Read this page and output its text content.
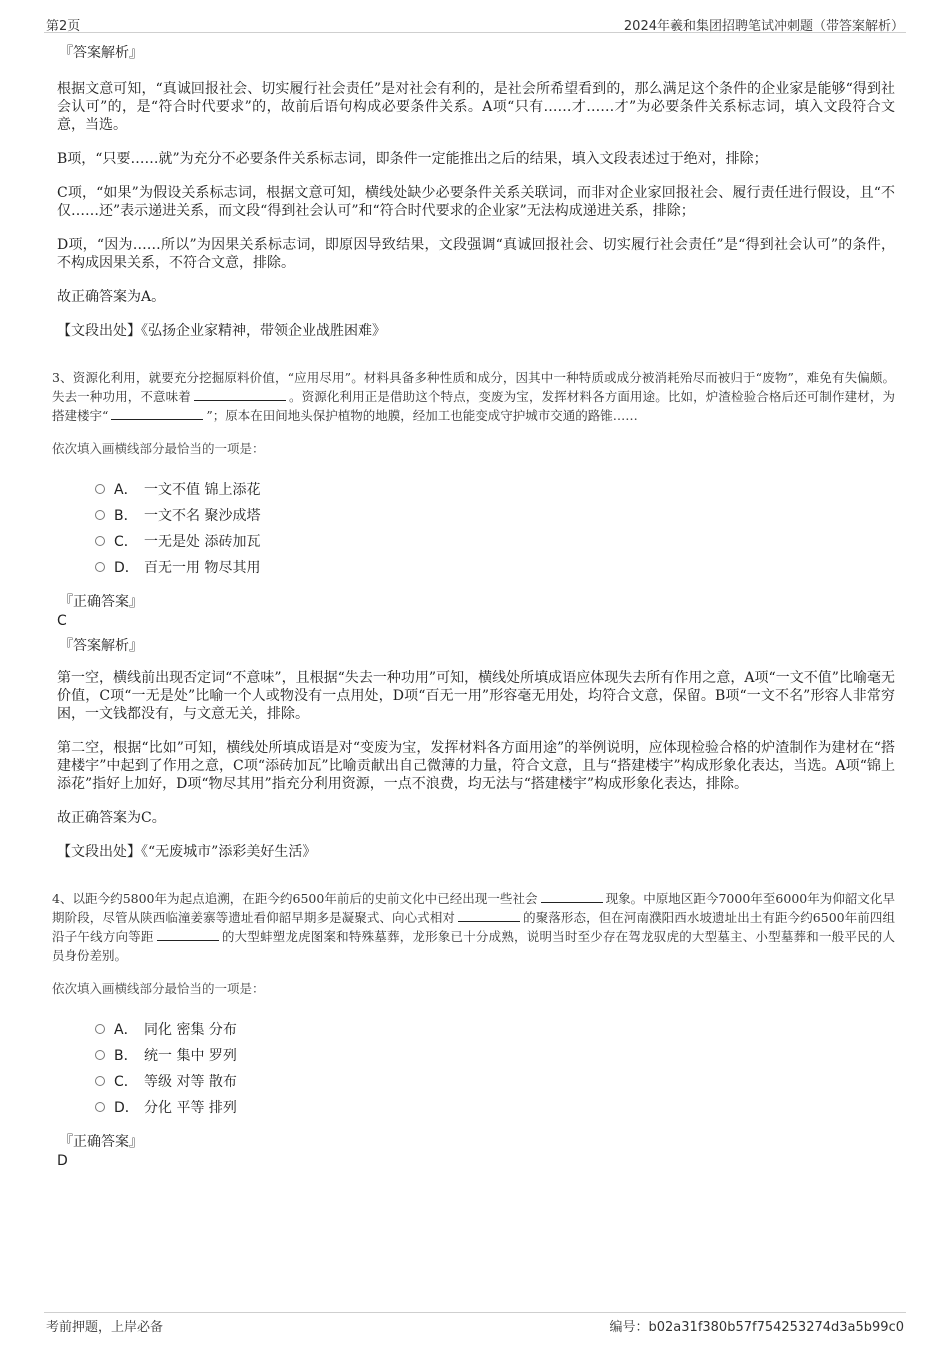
第2页	2024年羲和集团招聘笔试冲刺题（带答案解析）
『答案解析』

根据文意可知，“真诚回报社会、切实履行社会责任”是对社会有利的，是社会所希望看到的，那么满足这个条件的企业家是能够“得到社会认可”的，是“符合时代要求”的，故前后语句构成必要条件关系。A项“只有……才……才”为必要条件关系标志词，填入文段符合文意，当选。

B项，“只要……就”为充分不必要条件关系标志词，即条件一定能推出之后的结果，填入文段表述过于绝对，排除；

C项，“如果”为假设关系标志词，根据文意可知，横线处缺少必要条件关系关联词，而非对企业家回报社会、履行责任进行假设，且“不仅……还”表示递进关系，而文段“得到社会认可”和“符合时代要求的企业家”无法构成递进关系，排除；

D项，“因为……所以”为因果关系标志词，即原因导致结果，文段强调“真诚回报社会、切实履行社会责任”是“得到社会认可”的条件，不构成因果关系，不符合文意，排除。

故正确答案为A。

【文段出处】《弘扬企业家精神，带领企业战胜困难》

3、资源化利用，就要充分挖掘原料价值，“应用尽用”。材料具备多种性质和成分，因其中一种特质或成分被消耗殆尽而被归于“废物”，难免有失偏颇。失去一种功用，不意味着	。资源化利用正是借助这个特点，变废为宝，发挥材料各方面用途。比如，炉渣检验合格后还可制作建材，为搭建楼宇“	”；原本在田间地头保护植物的地膜，经加工也能变成守护城市交通的路锥……
依次填入画横线部分最恰当的一项是：
A． 一文不值 锦上添花
B． 一文不名 聚沙成塔
C． 一无是处 添砖加瓦
D． 百无一用 物尽其用
『正确答案』
C
『答案解析』

第一空，横线前出现否定词“不意味”，且根据“失去一种功用”可知，横线处所填成语应体现失去所有作用之意，A项“一文不值”比喻毫无价值，C项“一无是处”比喻一个人或物没有一点用处，D项“百无一用”形容毫无用处，均符合文意，保留。B项“一文不名”形容人非常穷困，一文钱都没有，与文意无关，排除。

第二空，根据“比如”可知，横线处所填成语是对“变废为宝，发挥材料各方面用途”的举例说明，应体现检验合格的炉渣制作为建材在“搭建楼宇”中起到了作用之意，C项“添砖加瓦”比喻贡献出自己微薄的力量，符合文意，且与“搭建楼宇”构成形象化表达，当选。A项“锦上添花”指好上加好，D项“物尽其用”指充分利用资源，一点不浪费，均无法与“搭建楼宇”构成形象化表达，排除。

故正确答案为C。

【文段出处】《“无废城市”添彩美好生活》

4、以距今约5800年为起点追溯，在距今约6500年前后的史前文化中已经出现一些社会	现象。中原地区距今7000年至6000年为仰韶文化早期阶段，尽管从陕西临潼姜寨等遗址看仰韶早期多是凝聚式、向心式相对	的聚落形态，但在河南濮阳西水坡遗址出土有距今约6500年前四组沿子午线方向等距	的大型蚌塑龙虎图案和特殊墓葬，龙形象已十分成熟，说明当时至少存在驾龙驭虎的大型墓主、小型墓葬和一般平民的人员身份差别。
依次填入画横线部分最恰当的一项是：
A． 同化 密集 分布
B． 统一 集中 罗列
C． 等级 对等 散布
D． 分化 平等 排列
『正确答案』
D
考前押题，上岸必备	编号：b02a31f380b57f754253274d3a5b99c0
